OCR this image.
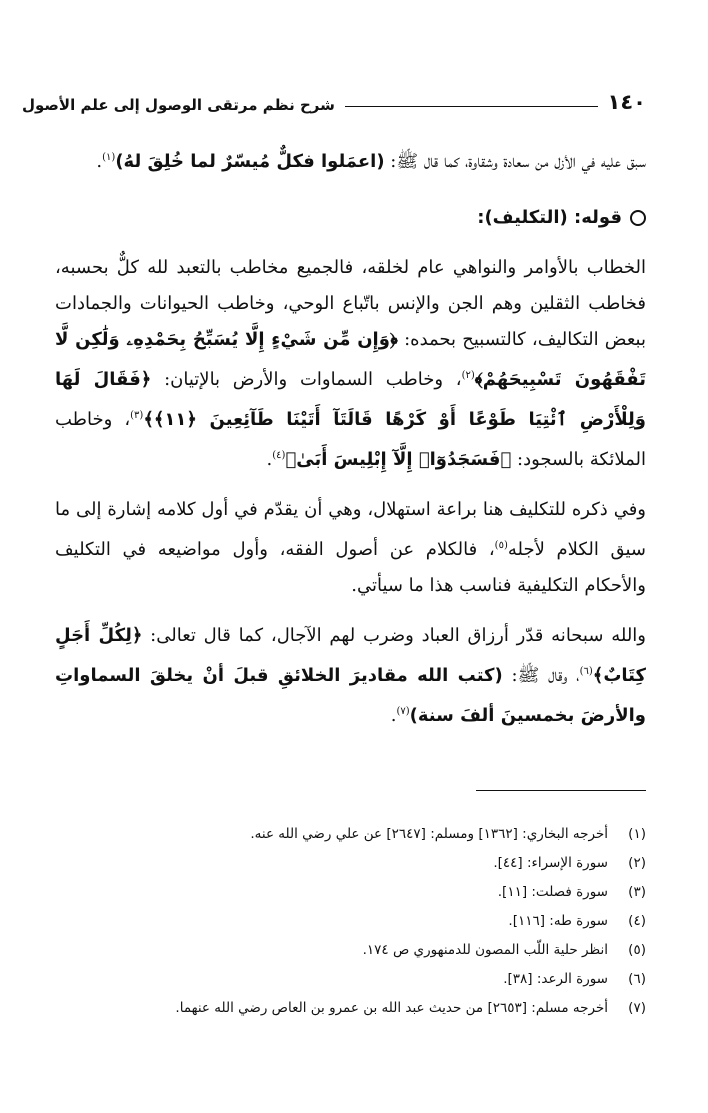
١٤٠
شرح نظم مرتقى الوصول إلى علم الأصول

سبق عليه في الأزل من سعادة وشقاوة، كما قال ﷺ: (اعمَلوا فكلٌّ مُيسّرٌ لما خُلِقَ لهُ)$^{(١)}$.

قوله: (التكليف):

الخطاب بالأوامر والنواهي عام لخلقه، فالجميع مخاطب بالتعبد لله كلٌّ بحسبه، فخاطب الثقلين وهم الجن والإنس باتّباع الوحي، وخاطب الحيوانات والجمادات ببعض التكاليف، كالتسبيح بحمده: ﴿وَإِن مِّن شَيْءٍ إِلَّا يُسَبِّحُ بِحَمْدِهِۦ وَلَٰكِن لَّا تَفْقَهُونَ تَسْبِيحَهُمْ﴾$^{(٢)}$، وخاطب السماوات والأرض بالإتيان: ﴿فَقَالَ لَهَا وَلِلْأَرْضِ ٱئْتِيَا طَوْعًا أَوْ كَرْهًا قَالَتَآ أَتَيْنَا طَآئِعِينَ ﴿١١﴾﴾$^{(٣)}$، وخاطب الملائكة بالسجود: ﴿فَسَجَدُوٓا۟ إِلَّآ إِبْلِيسَ أَبَىٰ﴾$^{(٤)}$.

وفي ذكره للتكليف هنا براعة استهلال، وهي أن يقدّم في أول كلامه إشارة إلى ما سيق الكلام لأجله$^{(٥)}$، فالكلام عن أصول الفقه، وأول مواضيعه في التكليف والأحكام التكليفية فناسب هذا ما سيأتي.

والله سبحانه قدّر أرزاق العباد وضرب لهم الآجال، كما قال تعالى: ﴿لِكُلِّ أَجَلٍ كِتَابٌ﴾$^{(٦)}$، وقال ﷺ: (كتب الله مقاديرَ الخلائقِ قبلَ أنْ يخلقَ السماواتِ والأرضَ بخمسينَ ألفَ سنة)$^{(٧)}$.

(١)
أخرجه البخاري: [١٣٦٢] ومسلم: [٢٦٤٧] عن علي رضي الله عنه.
(٢)
سورة الإسراء: [٤٤].
(٣)
سورة فصلت: [١١].
(٤)
سورة طه: [١١٦].
(٥)
انظر حلية اللّب المصون للدمنهوري ص ١٧٤.
(٦)
سورة الرعد: [٣٨].
(٧)
أخرجه مسلم: [٢٦٥٣] من حديث عبد الله بن عمرو بن العاص رضي الله عنهما.
